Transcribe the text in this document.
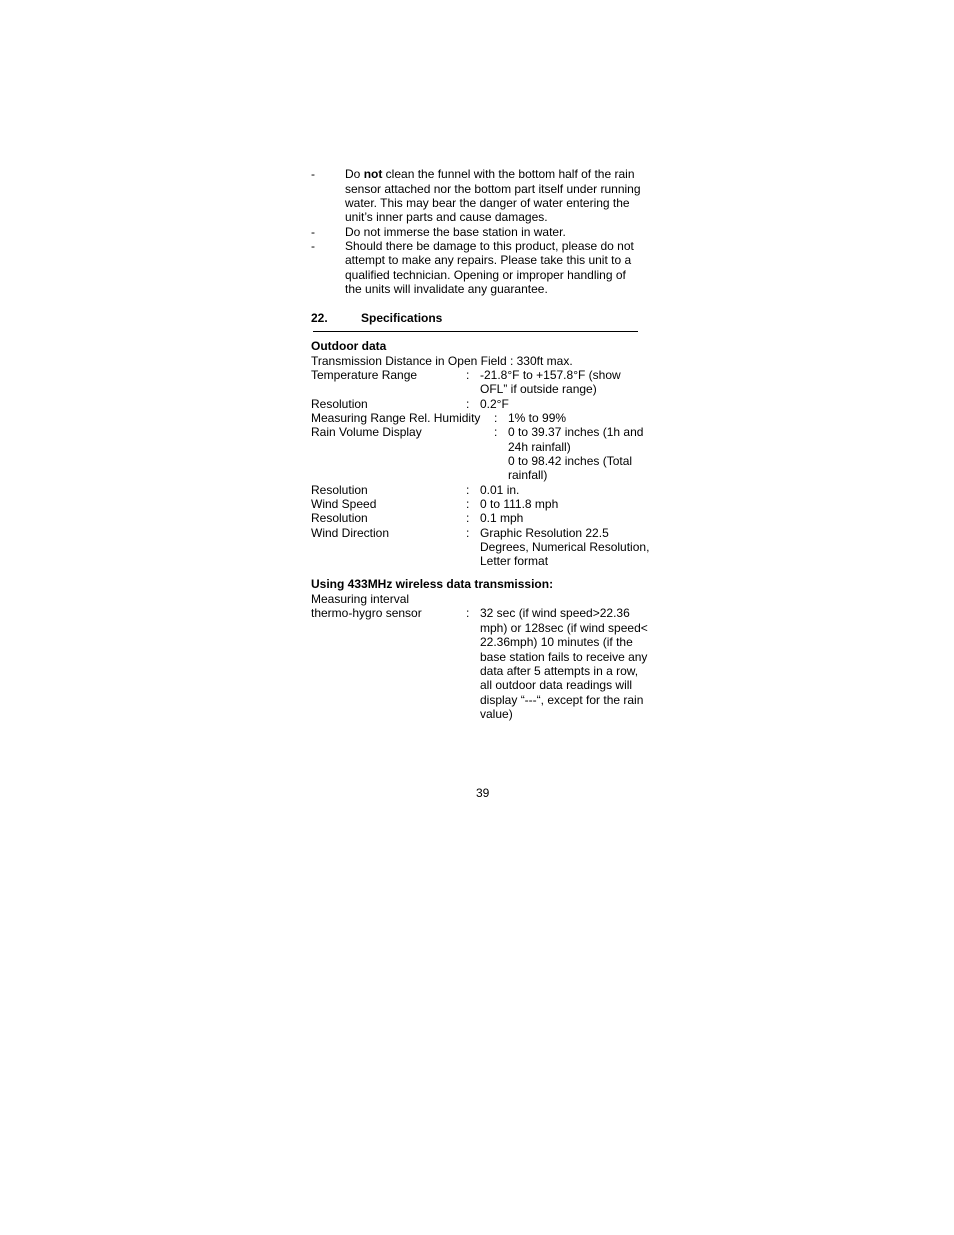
-	Do not clean the funnel with the bottom half of the rain
sensor attached nor the bottom part itself under running
water. This may bear the danger of water entering the
unit’s inner parts and cause damages.
-	Do not immerse the base station in water.
-	Should there be damage to this product, please do not
attempt to make any repairs. Please take this unit to a
qualified technician. Opening or improper handling of
the units will invalidate any guarantee.
22.	Specifications
Outdoor data
Transmission Distance in Open Field : 330ft max.
Temperature Range	: -21.8°F to +157.8°F (show
OFL” if outside range)
Resolution	: 0.2°F
Measuring Range Rel. Humidity : 1% to 99%
Rain Volume Display	: 0 to 39.37 inches (1h and
24h rainfall)
0 to 98.42 inches (Total
rainfall)
Resolution	: 0.01 in.
Wind Speed	: 0 to 111.8 mph
Resolution	: 0.1 mph
Wind Direction	: Graphic Resolution 22.5
Degrees, Numerical Resolution,
Letter format
Using 433MHz wireless data transmission:
Measuring interval
thermo-hygro sensor	: 32 sec (if wind speed>22.36
mph) or 128sec (if wind speed<
22.36mph) 10 minutes (if the
base station fails to receive any
data after 5 attempts in a row,
all outdoor data readings will
display “---“, except for the rain
value)
39
